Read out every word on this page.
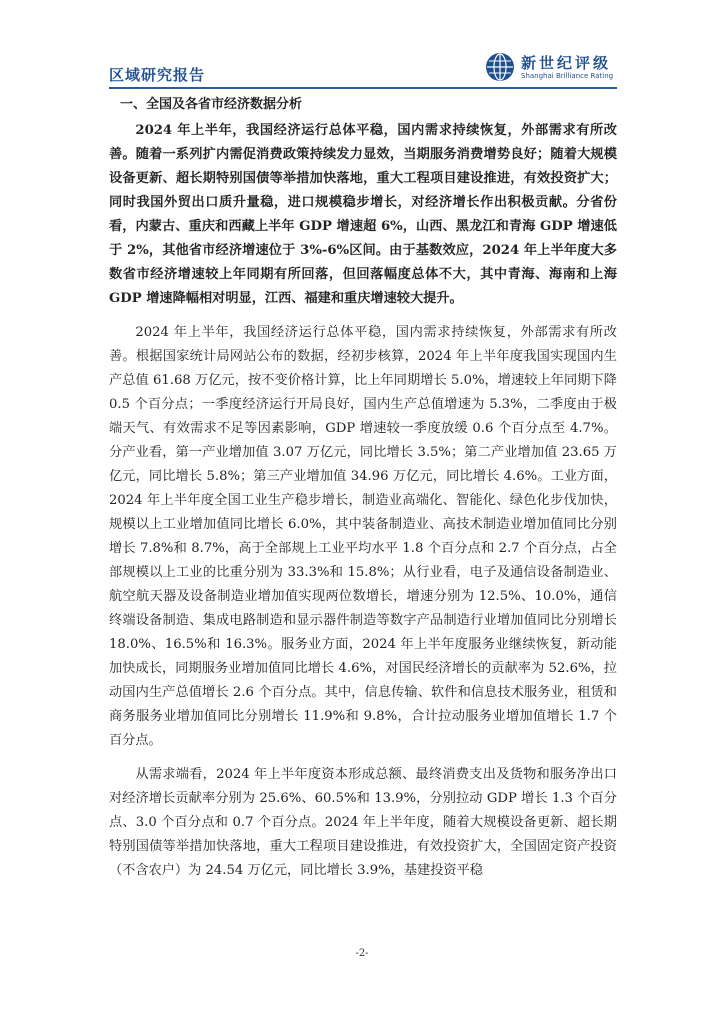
区域研究报告
新世纪评级
Shanghai Brilliance Rating
一、全国及各省市经济数据分析

2024 年上半年，我国经济运行总体平稳，国内需求持续恢复，外部需求有所改善。随着一系列扩内需促消费政策持续发力显效，当期服务消费增势良好；随着大规模设备更新、超长期特别国债等举措加快落地，重大工程项目建设推进，有效投资扩大；同时我国外贸出口质升量稳，进口规模稳步增长，对经济增长作出积极贡献。分省份看，内蒙古、重庆和西藏上半年 GDP 增速超 6%，山西、黑龙江和青海 GDP 增速低于 2%，其他省市经济增速位于 3%-6%区间。由于基数效应，2024 年上半年度大多数省市经济增速较上年同期有所回落，但回落幅度总体不大，其中青海、海南和上海 GDP 增速降幅相对明显，江西、福建和重庆增速较大提升。

2024 年上半年，我国经济运行总体平稳，国内需求持续恢复，外部需求有所改善。根据国家统计局网站公布的数据，经初步核算，2024 年上半年度我国实现国内生产总值 61.68 万亿元，按不变价格计算，比上年同期增长 5.0%，增速较上年同期下降 0.5 个百分点；一季度经济运行开局良好，国内生产总值增速为 5.3%，二季度由于极端天气、有效需求不足等因素影响，GDP 增速较一季度放缓 0.6 个百分点至 4.7%。分产业看，第一产业增加值 3.07 万亿元，同比增长 3.5%；第二产业增加值 23.65 万亿元，同比增长 5.8%；第三产业增加值 34.96 万亿元，同比增长 4.6%。工业方面，2024 年上半年度全国工业生产稳步增长，制造业高端化、智能化、绿色化步伐加快，规模以上工业增加值同比增长 6.0%，其中装备制造业、高技术制造业增加值同比分别增长 7.8%和 8.7%，高于全部规上工业平均水平 1.8 个百分点和 2.7 个百分点，占全部规模以上工业的比重分别为 33.3%和 15.8%；从行业看，电子及通信设备制造业、航空航天器及设备制造业增加值实现两位数增长，增速分别为 12.5%、10.0%，通信终端设备制造、集成电路制造和显示器件制造等数字产品制造行业增加值同比分别增长 18.0%、16.5%和 16.3%。服务业方面，2024 年上半年度服务业继续恢复，新动能加快成长，同期服务业增加值同比增长 4.6%，对国民经济增长的贡献率为 52.6%，拉动国内生产总值增长 2.6 个百分点。其中，信息传输、软件和信息技术服务业，租赁和商务服务业增加值同比分别增长 11.9%和 9.8%，合计拉动服务业增加值增长 1.7 个百分点。

从需求端看，2024 年上半年度资本形成总额、最终消费支出及货物和服务净出口对经济增长贡献率分别为 25.6%、60.5%和 13.9%，分别拉动 GDP 增长 1.3 个百分点、3.0 个百分点和 0.7 个百分点。2024 年上半年度，随着大规模设备更新、超长期特别国债等举措加快落地，重大工程项目建设推进，有效投资扩大，全国固定资产投资（不含农户）为 24.54 万亿元，同比增长 3.9%，基建投资平稳

-2-
